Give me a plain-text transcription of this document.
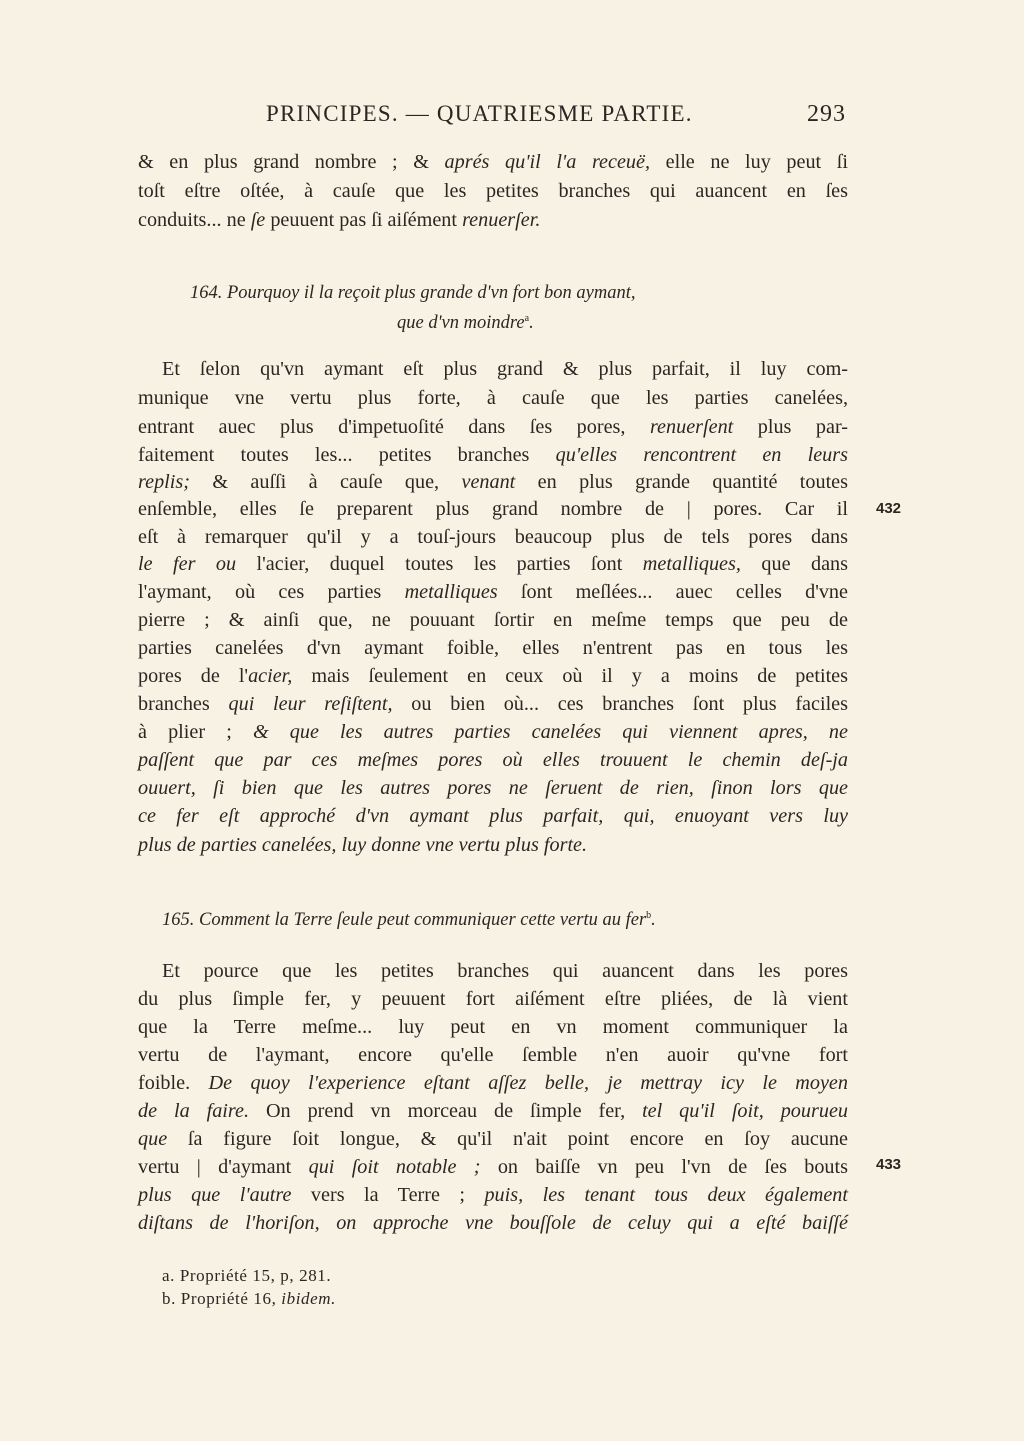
PRINCIPES. — QUATRIESME PARTIE.	293
& en plus grand nombre ; & aprés qu'il l'a receuë, elle ne luy peut ſi
toſt eſtre oſtée, à cauſe que les petites branches qui auancent en ſes
conduits... ne ſe peuuent pas ſi aiſément renuerſer.
164. Pourquoy il la reçoit plus grande d'vn fort bon aymant,
que d'vn moindre$^a$.
Et ſelon qu'vn aymant eſt plus grand & plus parfait, il luy com-
munique vne vertu plus forte, à cauſe que les parties canelées,
entrant auec plus d'impetuoſité dans ſes pores, renuerſent plus par-
faitement toutes les... petites branches qu'elles rencontrent en leurs
replis; & auſſi à cauſe que, venant en plus grande quantité toutes
enſemble, elles ſe preparent plus grand nombre de | pores. Car il 432
eſt à remarquer qu'il y a touſ-jours beaucoup plus de tels pores dans
le fer ou l'acier, duquel toutes les parties ſont metalliques, que dans
l'aymant, où ces parties metalliques ſont meſlées... auec celles d'vne
pierre ; & ainſi que, ne pouuant ſortir en meſme temps que peu de
parties canelées d'vn aymant foible, elles n'entrent pas en tous les
pores de l'acier, mais ſeulement en ceux où il y a moins de petites
branches qui leur reſiſtent, ou bien où... ces branches ſont plus faciles
à plier ; & que les autres parties canelées qui viennent apres, ne
paſſent que par ces meſmes pores où elles trouuent le chemin deſ-ja
ouuert, ſi bien que les autres pores ne ſeruent de rien, ſinon lors que
ce fer eſt approché d'vn aymant plus parfait, qui, enuoyant vers luy
plus de parties canelées, luy donne vne vertu plus forte.
165. Comment la Terre ſeule peut communiquer cette vertu au fer$^b$.
Et pource que les petites branches qui auancent dans les pores
du plus ſimple fer, y peuuent fort aiſément eſtre pliées, de là vient
que la Terre meſme... luy peut en vn moment communiquer la
vertu de l'aymant, encore qu'elle ſemble n'en auoir qu'vne fort
foible. De quoy l'experience eſtant aſſez belle, je mettray icy le moyen
de la faire. On prend vn morceau de ſimple fer, tel qu'il ſoit, pourueu
que ſa figure ſoit longue, & qu'il n'ait point encore en ſoy aucune
vertu | d'aymant qui ſoit notable ; on baiſſe vn peu l'vn de ſes bouts 433
plus que l'autre vers la Terre ; puis, les tenant tous deux également
diſtans de l'horiſon, on approche vne bouſſole de celuy qui a eſté baiſſé
a. Propriété 15, p, 281.
b. Propriété 16, ibidem.
